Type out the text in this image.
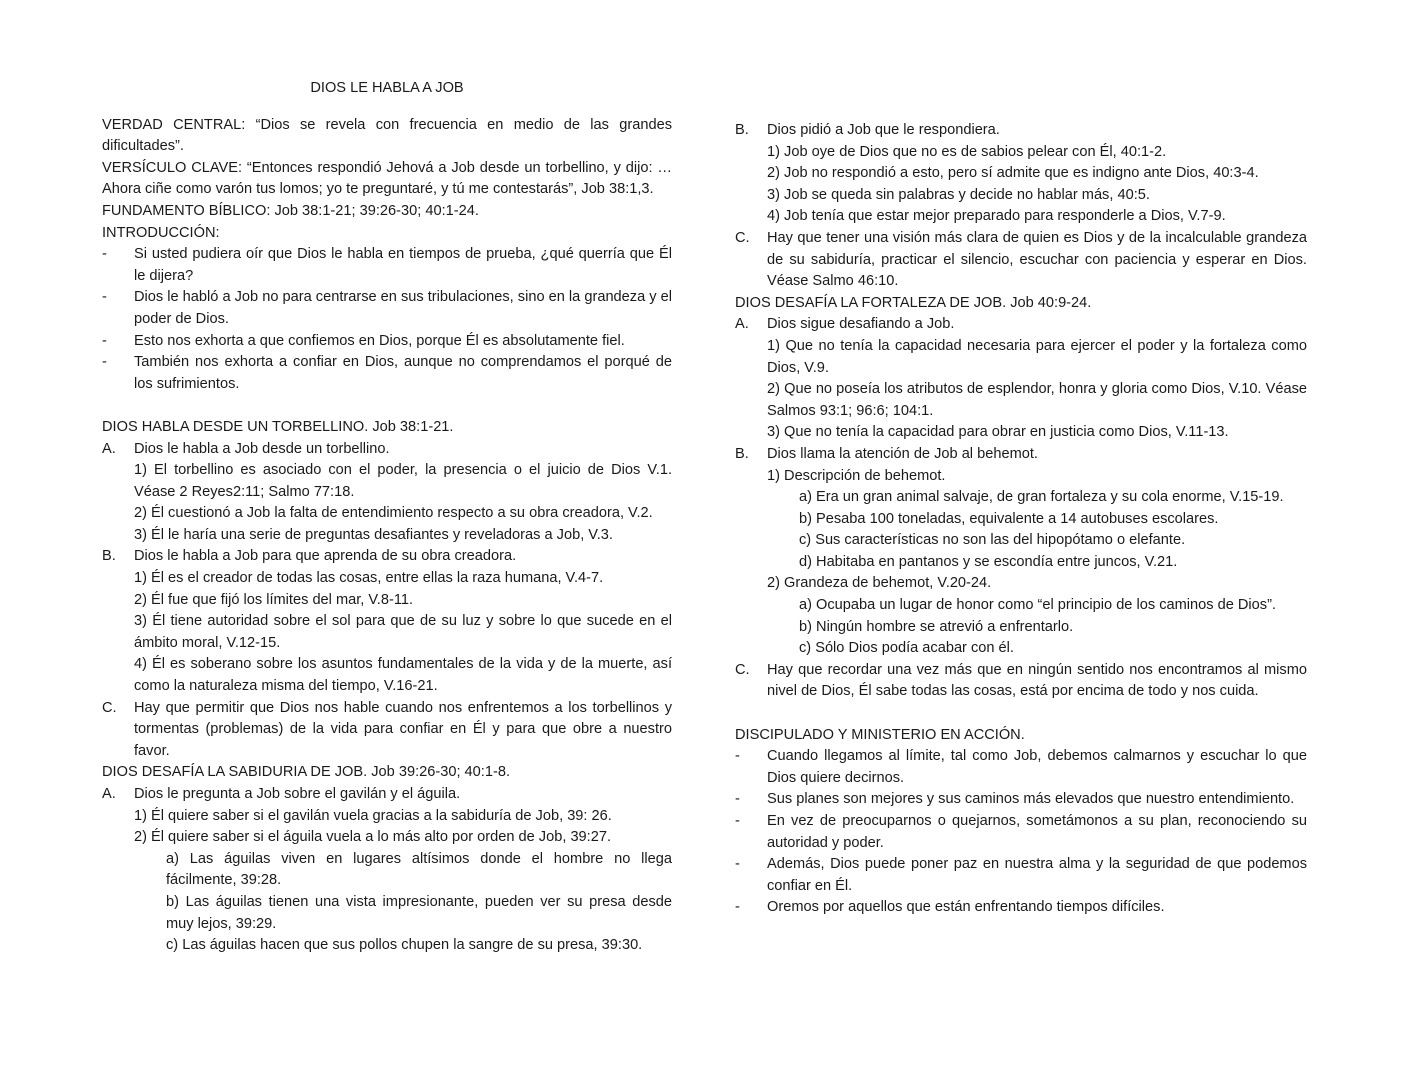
DIOS LE HABLA A JOB

VERDAD CENTRAL: “Dios se revela con frecuencia en medio de las grandes dificultades”.

VERSÍCULO CLAVE: “Entonces respondió Jehová a Job desde un torbellino, y dijo: … Ahora ciñe como varón tus lomos; yo te preguntaré, y tú me contestarás”, Job 38:1,3.

FUNDAMENTO BÍBLICO: Job 38:1-21; 39:26-30; 40:1-24.

INTRODUCCIÓN:

-	Si usted pudiera oír que Dios le habla en tiempos de prueba, ¿qué querría que Él le dijera?
-	Dios le habló a Job no para centrarse en sus tribulaciones, sino en la grandeza y el poder de Dios.
-	Esto nos exhorta a que confiemos en Dios, porque Él es absolutamente fiel.
-	También nos exhorta a confiar en Dios, aunque no comprendamos el porqué de los sufrimientos.

DIOS HABLA DESDE UN TORBELLINO. Job 38:1-21.

A.	Dios le habla a Job desde un torbellino.

1) El torbellino es asociado con el poder, la presencia o el juicio de Dios V.1. Véase 2 Reyes2:11; Salmo 77:18.

2) Él cuestionó a Job la falta de entendimiento respecto a su obra creadora, V.2.

3) Él le haría una serie de preguntas desafiantes y reveladoras a Job, V.3.

B.	Dios le habla a Job para que aprenda de su obra creadora.

1) Él es el creador de todas las cosas, entre ellas la raza humana, V.4-7.

2) Él fue que fijó los límites del mar, V.8-11.

3) Él tiene autoridad sobre el sol para que de su luz y sobre lo que sucede en el ámbito moral, V.12-15.

4) Él es soberano sobre los asuntos fundamentales de la vida y de la muerte, así como la naturaleza misma del tiempo, V.16-21.

C.	Hay que permitir que Dios nos hable cuando nos enfrentemos a los torbellinos y tormentas (problemas) de la vida para confiar en Él y para que obre a nuestro favor.

DIOS DESAFÍA LA SABIDURIA DE JOB. Job 39:26-30; 40:1-8.

A.	Dios le pregunta a Job sobre el gavilán y el águila.

1) Él quiere saber si el gavilán vuela gracias a la sabiduría de Job, 39: 26.

2) Él quiere saber si el águila vuela a lo más alto por orden de Job, 39:27.

a) Las águilas viven en lugares altísimos donde el hombre no llega fácilmente, 39:28.

b) Las águilas tienen una vista impresionante, pueden ver su presa desde muy lejos, 39:29.

c) Las águilas hacen que sus pollos chupen la sangre de su presa, 39:30.

B.	Dios pidió a Job que le respondiera.

1) Job oye de Dios que no es de sabios pelear con Él, 40:1-2.

2) Job no respondió a esto, pero sí admite que es indigno ante Dios, 40:3-4.

3) Job se queda sin palabras y decide no hablar más, 40:5.

4) Job tenía que estar mejor preparado para responderle a Dios, V.7-9.

C.	Hay que tener una visión más clara de quien es Dios y de la incalculable grandeza de su sabiduría, practicar el silencio, escuchar con paciencia y esperar en Dios. Véase Salmo 46:10.

DIOS DESAFÍA LA FORTALEZA DE JOB. Job 40:9-24.

A.	Dios sigue desafiando a Job.

1) Que no tenía la capacidad necesaria para ejercer el poder y la fortaleza como Dios, V.9.

2) Que no poseía los atributos de esplendor, honra y gloria como Dios, V.10. Véase Salmos 93:1; 96:6; 104:1.

3) Que no tenía la capacidad para obrar en justicia como Dios, V.11-13.

B.	Dios llama la atención de Job al behemot.

1) Descripción de behemot.

a) Era un gran animal salvaje, de gran fortaleza y su cola enorme, V.15-19.

b) Pesaba 100 toneladas, equivalente a 14 autobuses escolares.

c) Sus características no son las del hipopótamo o elefante.

d) Habitaba en pantanos y se escondía entre juncos, V.21.

2) Grandeza de behemot, V.20-24.

a) Ocupaba un lugar de honor como “el principio de los caminos de Dios”.

b) Ningún hombre se atrevió a enfrentarlo.

c) Sólo Dios podía acabar con él.

C.	Hay que recordar una vez más que en ningún sentido nos encontramos al mismo nivel de Dios, Él sabe todas las cosas, está por encima de todo y nos cuida.

DISCIPULADO Y MINISTERIO EN ACCIÓN.

-	Cuando llegamos al límite, tal como Job, debemos calmarnos y escuchar lo que Dios quiere decirnos.
-	Sus planes son mejores y sus caminos más elevados que nuestro entendimiento.
-	En vez de preocuparnos o quejarnos, sometámonos a su plan, reconociendo su autoridad y poder.
-	Además, Dios puede poner paz en nuestra alma y la seguridad de que podemos confiar en Él.
-	Oremos por aquellos que están enfrentando tiempos difíciles.
